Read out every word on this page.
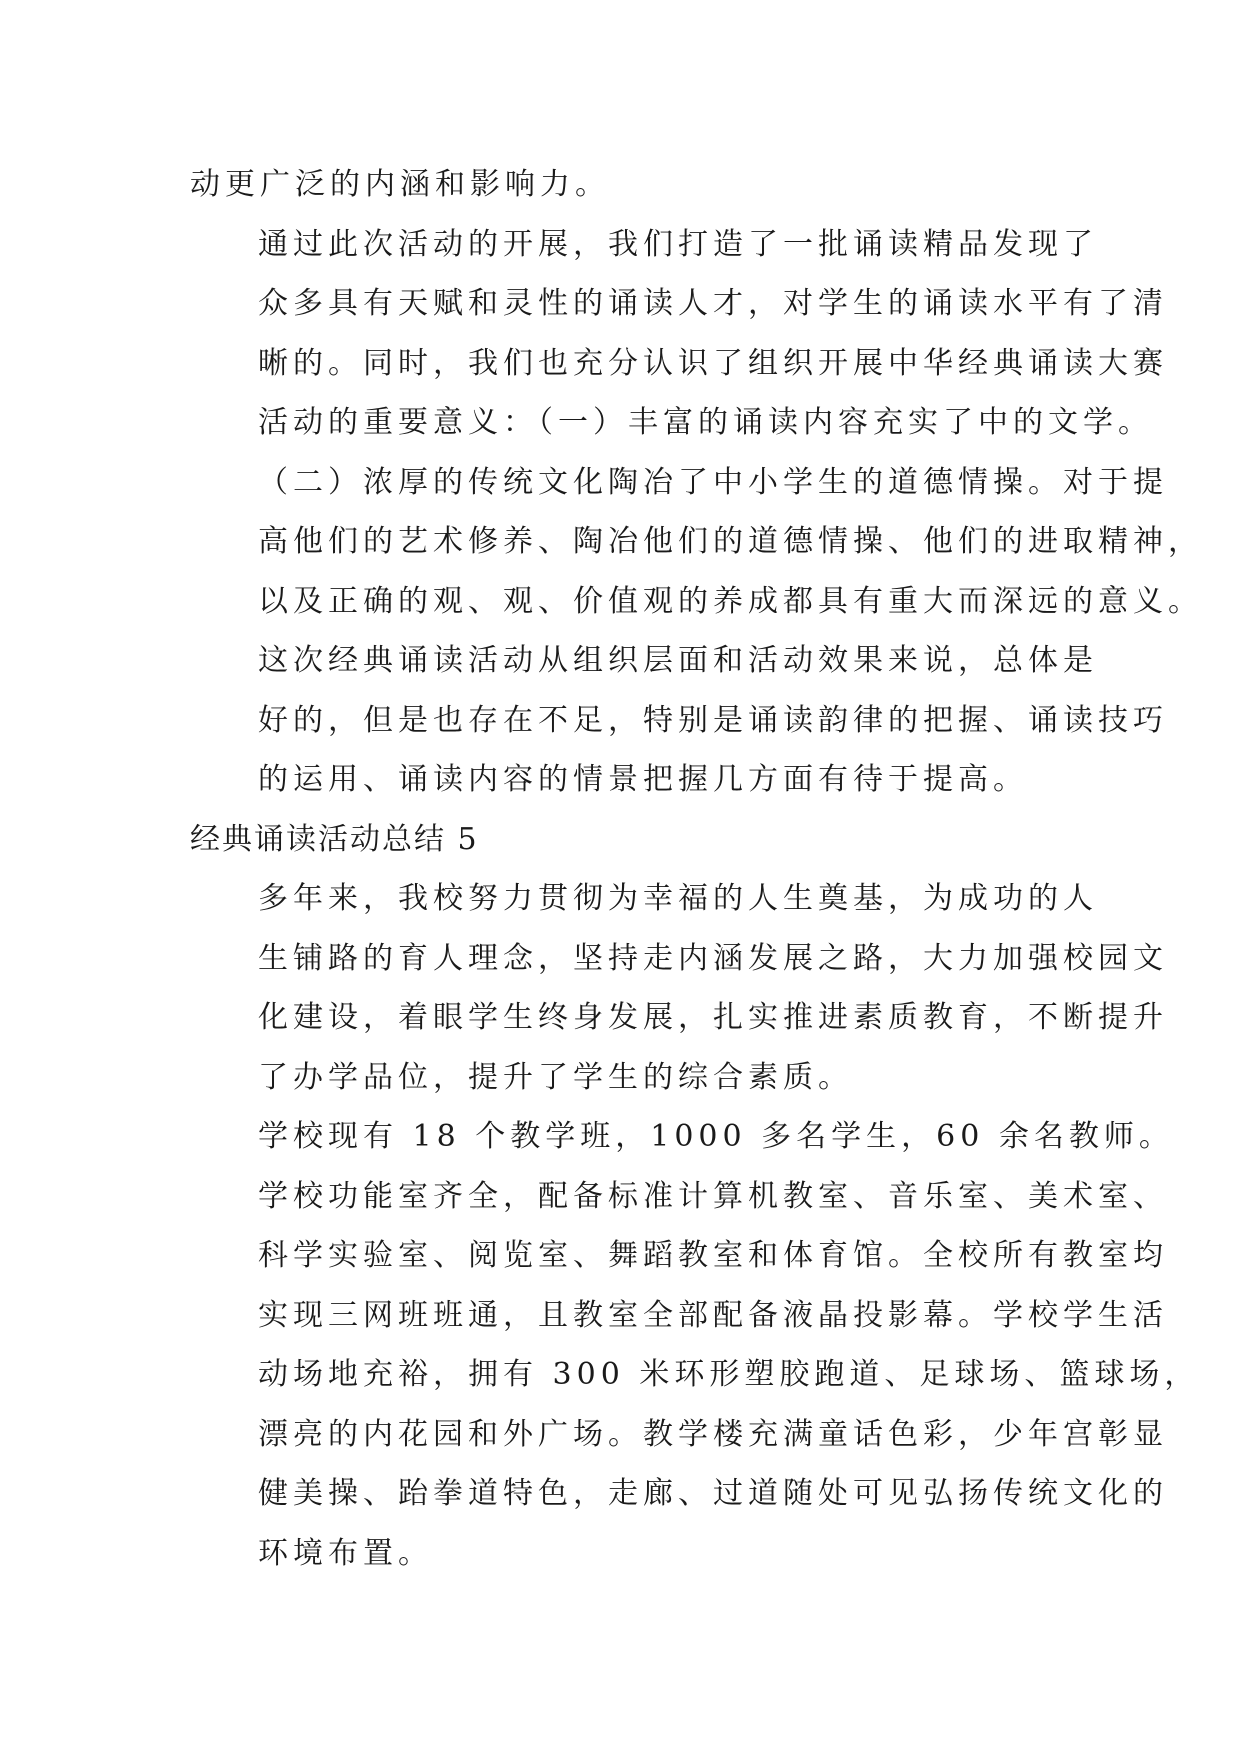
动更广泛的内涵和影响力。

通过此次活动的开展，我们打造了一批诵读精品发现了
众多具有天赋和灵性的诵读人才，对学生的诵读水平有了清
晰的。同时，我们也充分认识了组织开展中华经典诵读大赛
活动的重要意义：（一）丰富的诵读内容充实了中的文学。
（二）浓厚的传统文化陶冶了中小学生的道德情操。对于提
高他们的艺术修养、陶冶他们的道德情操、他们的进取精神，
以及正确的观、观、价值观的养成都具有重大而深远的意义。

这次经典诵读活动从组织层面和活动效果来说，总体是
好的，但是也存在不足，特别是诵读韵律的把握、诵读技巧
的运用、诵读内容的情景把握几方面有待于提高。

经典诵读活动总结 5

多年来，我校努力贯彻为幸福的人生奠基，为成功的人
生铺路的育人理念，坚持走内涵发展之路，大力加强校园文
化建设，着眼学生终身发展，扎实推进素质教育，不断提升
了办学品位，提升了学生的综合素质。

学校现有 18 个教学班，1000 多名学生，60 余名教师。
学校功能室齐全，配备标准计算机教室、音乐室、美术室、
科学实验室、阅览室、舞蹈教室和体育馆。全校所有教室均
实现三网班班通，且教室全部配备液晶投影幕。学校学生活
动场地充裕，拥有 300 米环形塑胶跑道、足球场、篮球场，
漂亮的内花园和外广场。教学楼充满童话色彩，少年宫彰显
健美操、跆拳道特色，走廊、过道随处可见弘扬传统文化的
环境布置。
